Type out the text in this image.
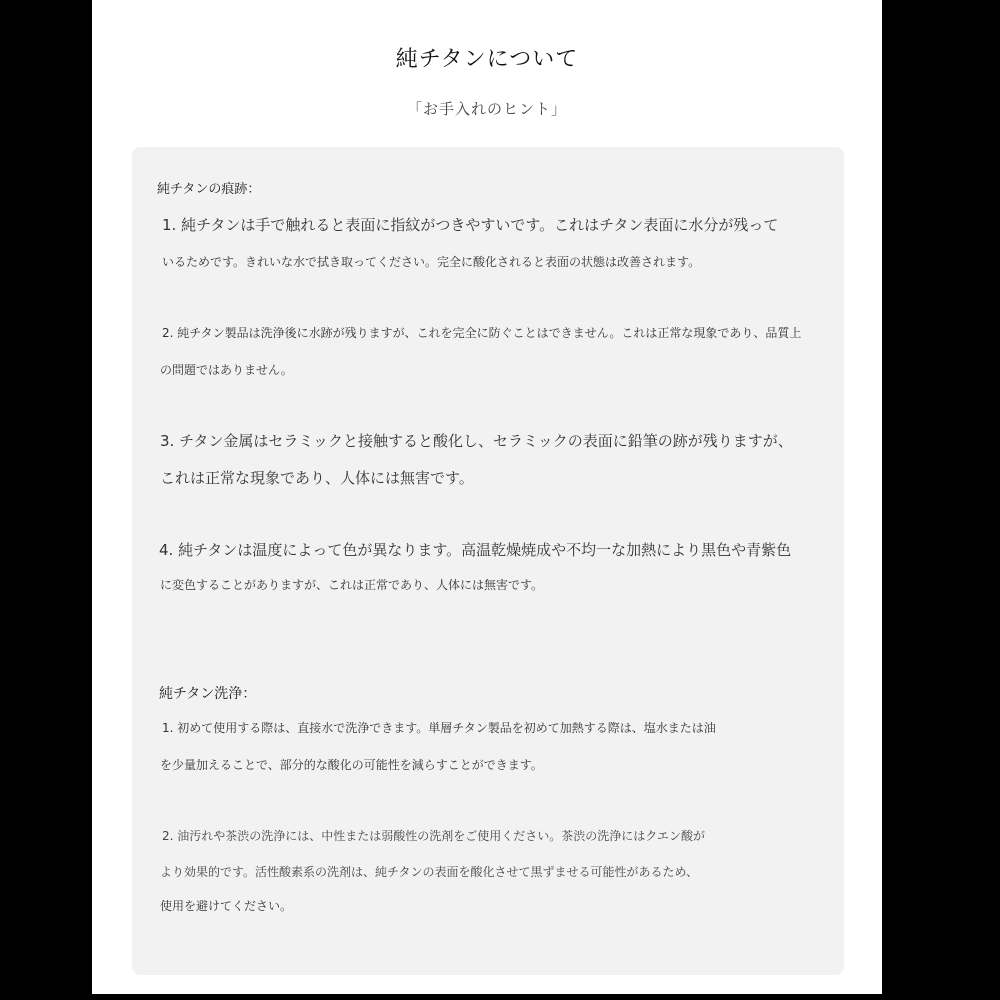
純チタンについて
「お手入れのヒント」
純チタンの痕跡：
1. 純チタンは手で触れると表面に指紋がつきやすいです。これはチタン表面に水分が残って
いるためです。きれいな水で拭き取ってください。完全に酸化されると表面の状態は改善されます。
2. 純チタン製品は洗浄後に水跡が残りますが、これを完全に防ぐことはできません。これは正常な現象であり、品質上
の問題ではありません。
3. チタン金属はセラミックと接触すると酸化し、セラミックの表面に鉛筆の跡が残りますが、
これは正常な現象であり、人体には無害です。
4. 純チタンは温度によって色が異なります。高温乾燥焼成や不均一な加熱により黒色や青紫色
に変色することがありますが、これは正常であり、人体には無害です。
純チタン洗浄：
1. 初めて使用する際は、直接水で洗浄できます。単層チタン製品を初めて加熱する際は、塩水または油
を少量加えることで、部分的な酸化の可能性を減らすことができます。
2. 油汚れや茶渋の洗浄には、中性または弱酸性の洗剤をご使用ください。茶渋の洗浄にはクエン酸が
より効果的です。活性酸素系の洗剤は、純チタンの表面を酸化させて黒ずませる可能性があるため、
使用を避けてください。
